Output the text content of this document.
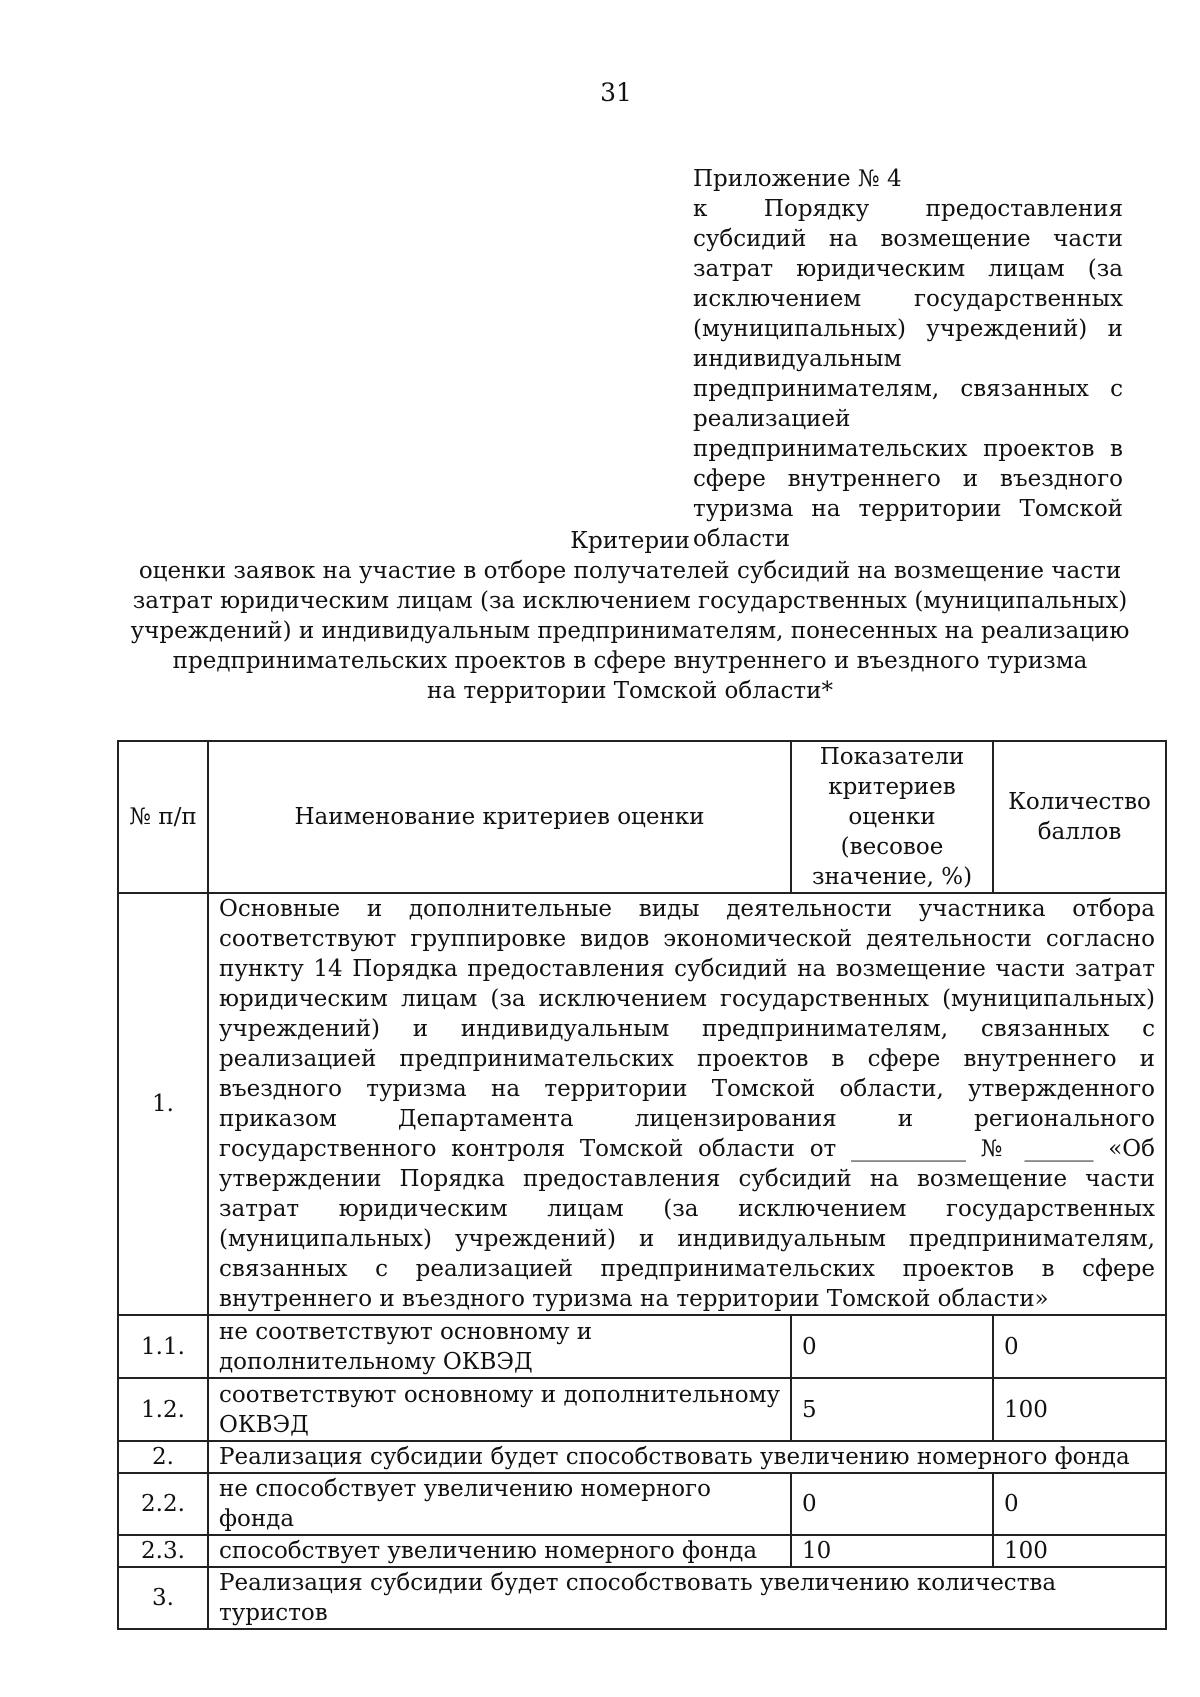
31
Приложение № 4
к Порядку предоставления субсидий на возмещение части затрат юридическим лицам (за исключением государственных (муниципальных) учреждений) и индивидуальным предпринимателям, связанных с реализацией предпринимательских проектов в сфере внутреннего и въездного туризма на территории Томской области
Критерии
оценки заявок на участие в отборе получателей субсидий на возмещение части
затрат юридическим лицам (за исключением государственных (муниципальных)
учреждений) и индивидуальным предпринимателям, понесенных на реализацию
предпринимательских проектов в сфере внутреннего и въездного туризма
на территории Томской области*
№ п/п	Наименование критериев оценки	Показатели критериев оценки (весовое значение, %)	Количество баллов
1.	Основные и дополнительные виды деятельности участника отбора соответствуют группировке видов экономической деятельности согласно пункту 14 Порядка предоставления субсидий на возмещение части затрат юридическим лицам (за исключением государственных (муниципальных) учреждений) и индивидуальным предпринимателям, связанных с реализацией предпринимательских проектов в сфере внутреннего и въездного туризма на территории Томской области, утвержденного приказом Департамента лицензирования и регионального государственного контроля Томской области от __________ № ______ «Об утверждении Порядка предоставления субсидий на возмещение части затрат юридическим лицам (за исключением государственных (муниципальных) учреждений) и индивидуальным предпринимателям, связанных с реализацией предпринимательских проектов в сфере внутреннего и въездного туризма на территории Томской области»		
1.1.	не соответствуют основному и дополнительному ОКВЭД	0	0
1.2.	соответствуют основному и дополнительному ОКВЭД	5	100
2.	Реализация субсидии будет способствовать увеличению номерного фонда		
2.2.	не способствует увеличению номерного фонда	0	0
2.3.	способствует увеличению номерного фонда	10	100
3.	Реализация субсидии будет способствовать увеличению количества туристов		
